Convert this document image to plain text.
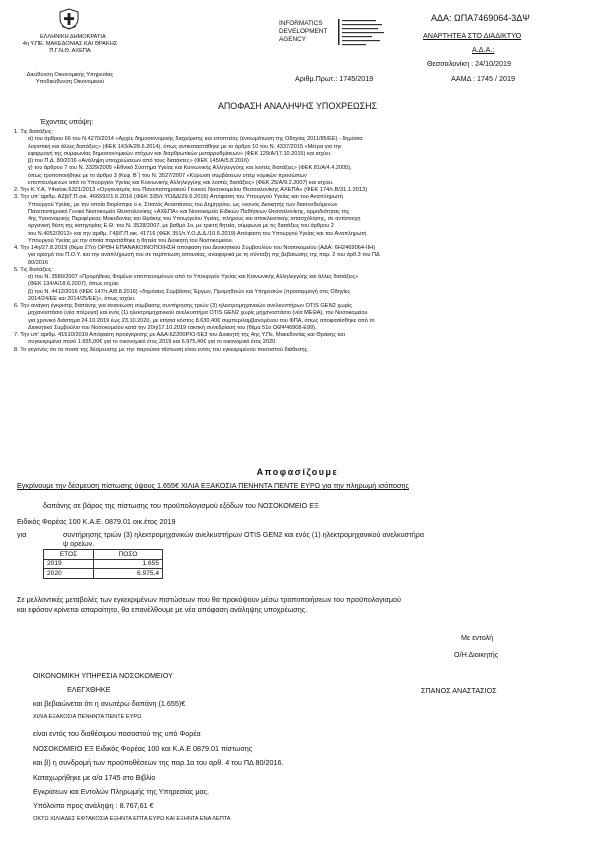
ΑΔΑ: ΩΠΑ7469064-3ΔΨ
ΕΛΛΗΝΙΚΗ ΔΗΜΟΚΡΑΤΙΑ
4η Υ.ΠΕ. ΜΑΚΕΔΟΝΙΑΣ ΚΑΙ ΘΡΑΚΗΣ
Π.Γ.Ν.Θ. ΑΧΕΠΑ
Διεύθυνση Οικονομικής Υπηρεσίας
Υποδιεύθυνση Οικονομικού
INFORMATICS
DEVELOPMENT
AGENCY	ΑΝΑΡΤΗΤΕΑ ΣΤΟ ΔΙΑΔΙΚΤΥΟ
Α.Δ.Α.:
Θεσσαλονίκη : 24/10/2019
Αριθμ.Πρωτ.: 1745/2019	ΑΑΜΔ : 1745 / 2019
ΑΠΟΦΑΣΗ ΑΝΑΛΗΨΗΣ ΥΠΟΧΡΕΩΣΗΣ
Έχοντας υπόψη:
1. Τις διατάξεις:
α) του άρθρου 66 του Ν.4270/2014 «Αρχές δημοσιονομικής διαχείρισης και εποπτείας (ενσωμάτωση της Οδηγίας 2011/85/ΕΕ) - δημόσια
λογιστική και άλλες διατάξεις» (ΦΕΚ 143/Α/28.6.2014), όπως αντικαταστάθηκε με το άρθρο 10 του Ν. 4337/2015 «Μέτρα για την
εφαρμογή της συμφωνίας δημοσιονομικών στόχων και διαρθρωτικών μεταρρυθμίσεων» (ΦΕΚ 129/Α/17.10.2015) και ισχύει.
β) του Π.Δ. 80/2016 «Ανάληψη υποχρεώσεων από τους διατάκτες» (ΦΕΚ 145/Α/5.8.2016)
γ) του άρθρου 7 του Ν. 3329/2005 «Εθνικό Σύστημα Υγείας και Κοινωνικής Αλληλεγγύης και λοιπές διατάξεις» (ΦΕΚ 81/Α/4.4.2005),
όπως τροποποιήθηκε με το άρθρο 3 (Κεφ. Β΄) του Ν. 3527/2007 «Κύρωση συμβάσεων υπέρ νομικών προσώπων
εποπτευόμενων από το Υπουργείο Υγείας και Κοινωνικής Αλληλεγγύης και λοιπές διατάξεις» (ΦΕΚ 25/Α/9.2.2007) και ισχύει.
2. Την Κ.Υ.Α. Υ4α/οικ.6321/2013 «Οργανισμός του Πανεπιστημιακού Γενικού Νοσοκομείου Θεσσαλονίκης ΑΧΕΠΑ» (ΦΕΚ 174/τ.Β/31.1.2013)
3. Την υπ' αριθμ. Α2β/Γ.Π.οικ. 46659/21.6.2016 (ΦΕΚ 335/τ.ΥΟΔΔ/29.6.2016) Απόφαση του Υπουργού Υγείας και του Αναπληρωτή
Υπουργού Υγείας, με την οποία διορίστηκε ο κ. Σπανός Αναστάσιος του Δημητρίου, ως «κοινός Διοικητής των διασυνδεόμενων
Πανεπιστημιακό Γενικό Νοσοκομείο Θεσσαλονίκης «ΑΧΕΠΑ» και Νοσοκομείο Ειδικών Παθήσεων Θεσσαλονίκης, αρμοδιότητας της
4ης Υγειονομικής Περιφέρειας Μακεδονίας και Θράκης του Υπουργείου Υγείας, πλήρους και αποκλειστικής απασχόλησης, σε αντίστοιχη
οργανική θέση της κατηγορίας Ε.Θ. του Ν. 3528/2007, με βαθμό 1ο, με τριετή θητεία, σύμφωνα με τις διατάξεις του άρθρου 2
του Ν.4052/2012» και την αριθμ. Γ4β/Γ.Π.οικ. 41716 (ΦΕΚ 351/τ.Υ.Ο.Δ.Δ./10.6.2019) Απόφαση του Υπουργού Υγείας και του Αναπληρωτή
Υπουργού Υγείας με την οποία παρατάθηκε η θητεία του Διοικητή του Νοσοκομείου.
4. Την 14η/27.8.2019 (θέμα 27ο) ΟΡΘΗ ΕΠΑΝΑΚΟΙΝΟΠΟΙΗΣΗ απόφαση του Διοικητικού Συμβουλίου του Νοσοκομείου (ΑΔΑ: 6Η2469064-ΙΙΗ)
για ορισμό του Π.Ο.Υ. και την αναπλήρωσή του σε περίπτωση απουσίας, αναφορικά με τη σύνταξη της βεβαίωσης της παρ. 2 του άρθ.3 του ΠΔ
80/2016
5. Τις διατάξεις:
α) του Ν. 3580/2007 «Προμήθειες Φορέων εποπτευομένων από το Υπουργείο Υγείας και Κοινωνικής Αλληλεγγύης και άλλες διατάξεις»
(ΦΕΚ 134/Α/18.6.2007), όπως ισχύει
β) του Ν. 4412/2016 (ΦΕΚ 147/τ.Α/8.8.2016) «δημόσιες Συμβάσεις Έργων, Προμηθειών και Υπηρεσιών (προσαρμογή στις Οδηγίες
2014/24/ΕΕ και 2014/25/ΕΕ)», όπως ισχύει.
6. Την ανάγκη έγκρισης δαπάνης για ανανέωση σύμβασης συντήρησης τριών (3) ηλεκτρομηχανικών ανελκυστήρων OTIS GEN2 χωρίς
μηχανοστάσιο (νέα πτέρυγα) και ενός (1) ηλεκτρομηχανικού ανελκυστήρα OTIS GEN2 χωρίς μηχανοστάσιο (νέα ΜΕΘΑ), του Νοσοκομείου
για χρονικό διάστημα 24.10.2019 έως 23.10.2020, με ετήσια κόστος 8.630,40€ συμπεριλαμβανομένου του ΦΠΑ, όπως αποφασίσθηκε από το
Διοικητικό Συμβούλιο του Νοσοκομείου κατά την 20η/17.10.2019 τακτική συνεδρίασή του (θέμα 51ο ΩΘΨ46908-Ε99).
7. Την υπ' αριθμ. 41510/2019 Απόφαση προέγκρισης με ΑΔΑ:6Ζ200ΡΙΟ-5Ε3 του Διοικητή της 4ης Υ.Πε. Μακεδονίας και Θράκης και
συγκεκριμένα ποσό 1.655,00€ για το οικονομικό έτος 2019 και 6.975,40€ για το οικονομικό έτος 2020.
8. Το γεγονός ότι τα ποσά της δέσμευσης με την παρούσα πίστωση είναι εντός του εγκεκριμένου ποσοστού διάθεσης.
Αποφασίζουμε
Εγκρίνουμε την δέσμευση πίστωσης ύψους 1.655€ ΧΙΛΙΑ ΕΞΑΚΟΣΙΑ ΠΕΝΗΝΤΑ ΠΕΝΤΕ ΕΥΡΩ για την πληρωμή ισόποσης
δαπάνης σε βάρος της πίστωσης του προϋπολογισμού εξόδων του ΝΟΣΟΚΟΜΕΙΟ ΕΞ
Ειδικός Φορέας 100 Κ.Α.Ε. 0879.01 οικ.έτος 2019
για	συντήρησης τριών (3) ηλεκτρομηχανικών ανελκυστήρων OTIS GEN2 και ενός (1) ηλεκτρομηχανικού ανελκυστήρα
ψ ορείων.
ΕΤΟΣ	ΠΟΣΟ
2019	1.655
2020	6.975,4
Σε μελλοντικές μεταβολές των εγκεκριμένων πιστώσεων που θα προκύψουν μέσω τροποποιήσεων του προϋπολογισμού
και εφόσον κρίνεται απαραίτητο, θα επανέλθουμε με νέα απόφαση ανάληψης υποχρέωσης.
Με εντολή
Ο/Η Διοικητής
ΣΠΑΝΟΣ ΑΝΑΣΤΑΣΙΟΣ
ΟΙΚΟΝΟΜΙΚΗ ΥΠΗΡΕΣΙΑ ΝΟΣΟΚΟΜΕΙΟΥ
ΕΛΕΓΧΘΗΚΕ
και βεβαιώνεται ότι η ανωτέρω δαπάνη (1.655)€
ΧΙΛΙΑ ΕΞΑΚΟΣΙΑ ΠΕΝΗΝΤΑ ΠΕΝΤΕ ΕΥΡΩ
είναι εντός του διαθέσιμου ποσοστού της υπό Φορέα
ΝΟΣΟΚΟΜΕΙΟ ΕΞ Ειδικός Φορέας 100 και Κ.Α.Ε 0879.01 πίστωσης
και β) η συνδρομή των προϋποθέσεων της παρ.1α του αρθ. 4 του ΠΔ 80/2016.
Καταχωρήθηκε με α/α 1745 στο Βιβλίο
Εγκρίσεων και Εντολών Πληρωμής της Υπηρεσίας μας.
Υπόλοιπο προς ανάληψη : 8.767,61 €
ΟΚΤΩ ΧΙΛΙΑΔΕΣ ΕΦΤΑΚΟΣΙΑ ΕΞΗΝΤΑ ΕΠΤΑ ΕΥΡΩ ΚΑΙ ΕΞΗΝΤΑ ΕΝΑ ΛΕΠΤΑ
